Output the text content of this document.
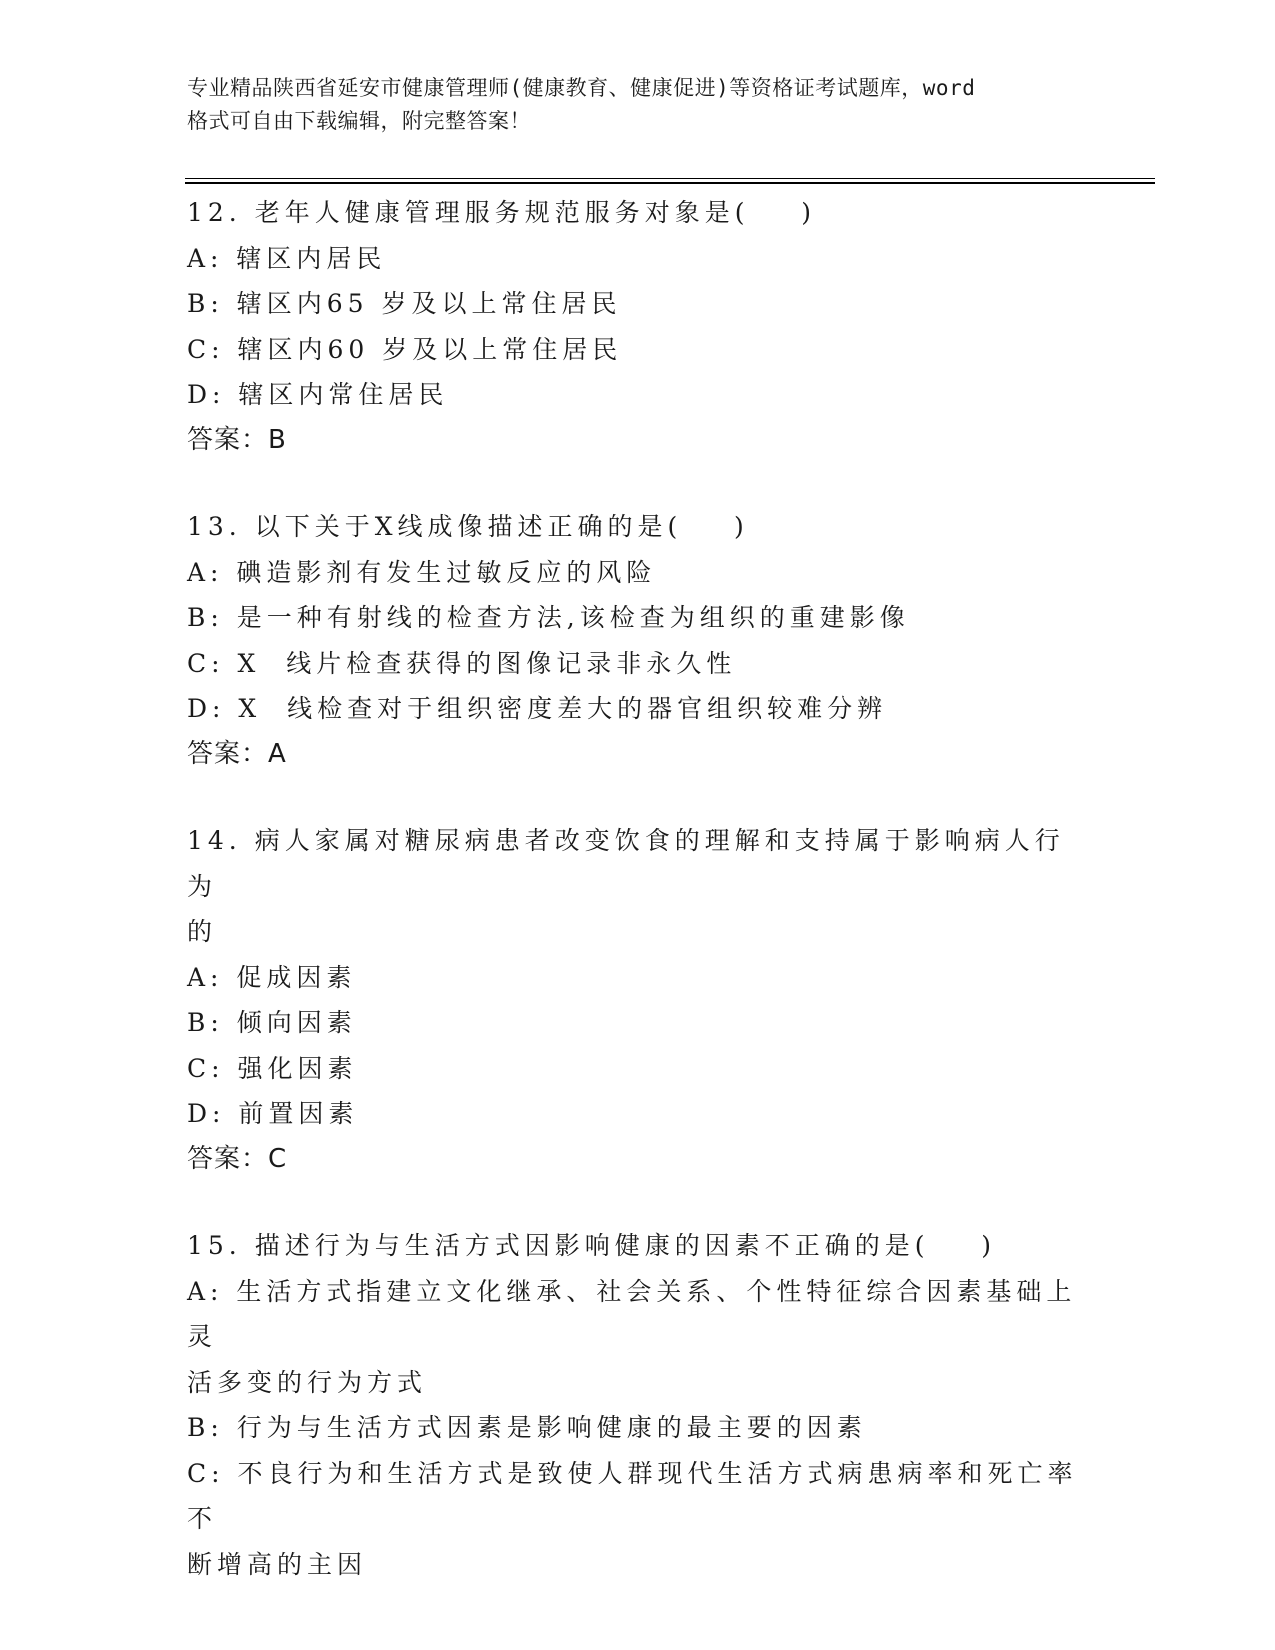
专业精品陕西省延安市健康管理师(健康教育、健康促进)等资格证考试题库，word
格式可自由下载编辑，附完整答案！
12. 老年人健康管理服务规范服务对象是(    )
A: 辖区内居民
B: 辖区内65 岁及以上常住居民
C: 辖区内60 岁及以上常住居民
D: 辖区内常住居民
答案：B
13. 以下关于X线成像描述正确的是(    )
A: 碘造影剂有发生过敏反应的风险
B: 是一种有射线的检查方法,该检查为组织的重建影像
C: X  线片检查获得的图像记录非永久性
D: X  线检查对于组织密度差大的器官组织较难分辨
答案：A
14. 病人家属对糖尿病患者改变饮食的理解和支持属于影响病人行为
的
A: 促成因素
B: 倾向因素
C: 强化因素
D: 前置因素
答案：C
15. 描述行为与生活方式因影响健康的因素不正确的是(    )
A: 生活方式指建立文化继承、社会关系、个性特征综合因素基础上灵
活多变的行为方式
B: 行为与生活方式因素是影响健康的最主要的因素
C: 不良行为和生活方式是致使人群现代生活方式病患病率和死亡率不
断增高的主因
